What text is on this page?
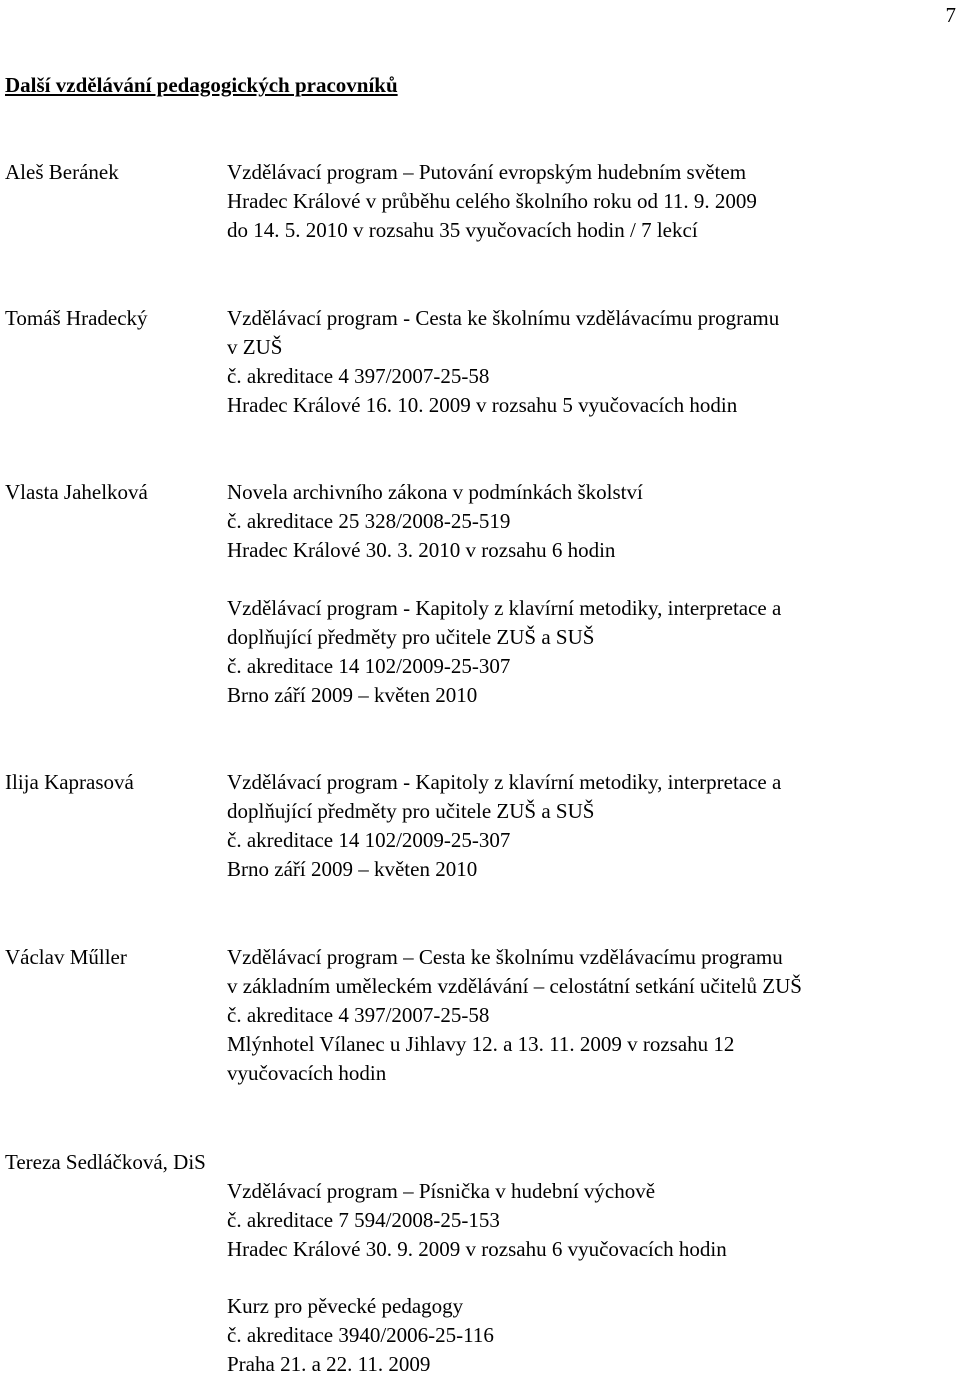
7
Další vzdělávání pedagogických pracovníků
Aleš Beránek	Vzdělávací program – Putování evropským hudebním světem
Hradec Králové v průběhu celého školního roku od 11. 9. 2009
do 14. 5. 2010 v rozsahu 35 vyučovacích hodin / 7 lekcí
Tomáš Hradecký	Vzdělávací program - Cesta ke školnímu vzdělávacímu programu
v ZUŠ
č. akreditace 4 397/2007-25-58
Hradec Králové 16. 10. 2009 v rozsahu 5 vyučovacích hodin
Vlasta Jahelková	Novela archivního zákona v podmínkách školství
č. akreditace 25 328/2008-25-519
Hradec Králové 30. 3. 2010 v rozsahu 6 hodin
Vzdělávací program - Kapitoly z klavírní metodiky, interpretace a
doplňující předměty pro učitele ZUŠ a SUŠ
č. akreditace 14 102/2009-25-307
Brno září 2009 – květen 2010
Ilija Kaprasová	Vzdělávací program - Kapitoly z klavírní metodiky, interpretace a
doplňující předměty pro učitele ZUŠ a SUŠ
č. akreditace 14 102/2009-25-307
Brno září 2009 – květen 2010
Václav Műller	Vzdělávací program – Cesta ke školnímu vzdělávacímu programu
v základním uměleckém vzdělávání – celostátní setkání učitelů ZUŠ
č. akreditace 4 397/2007-25-58
Mlýnhotel Vílanec u Jihlavy 12. a 13. 11. 2009 v rozsahu 12
vyučovacích hodin
Tereza Sedláčková, DiS
Vzdělávací program – Písnička v hudební výchově
č. akreditace 7 594/2008-25-153
Hradec Králové 30. 9. 2009 v rozsahu 6 vyučovacích hodin
Kurz pro pěvecké pedagogy
č. akreditace 3940/2006-25-116
Praha 21. a 22. 11. 2009
